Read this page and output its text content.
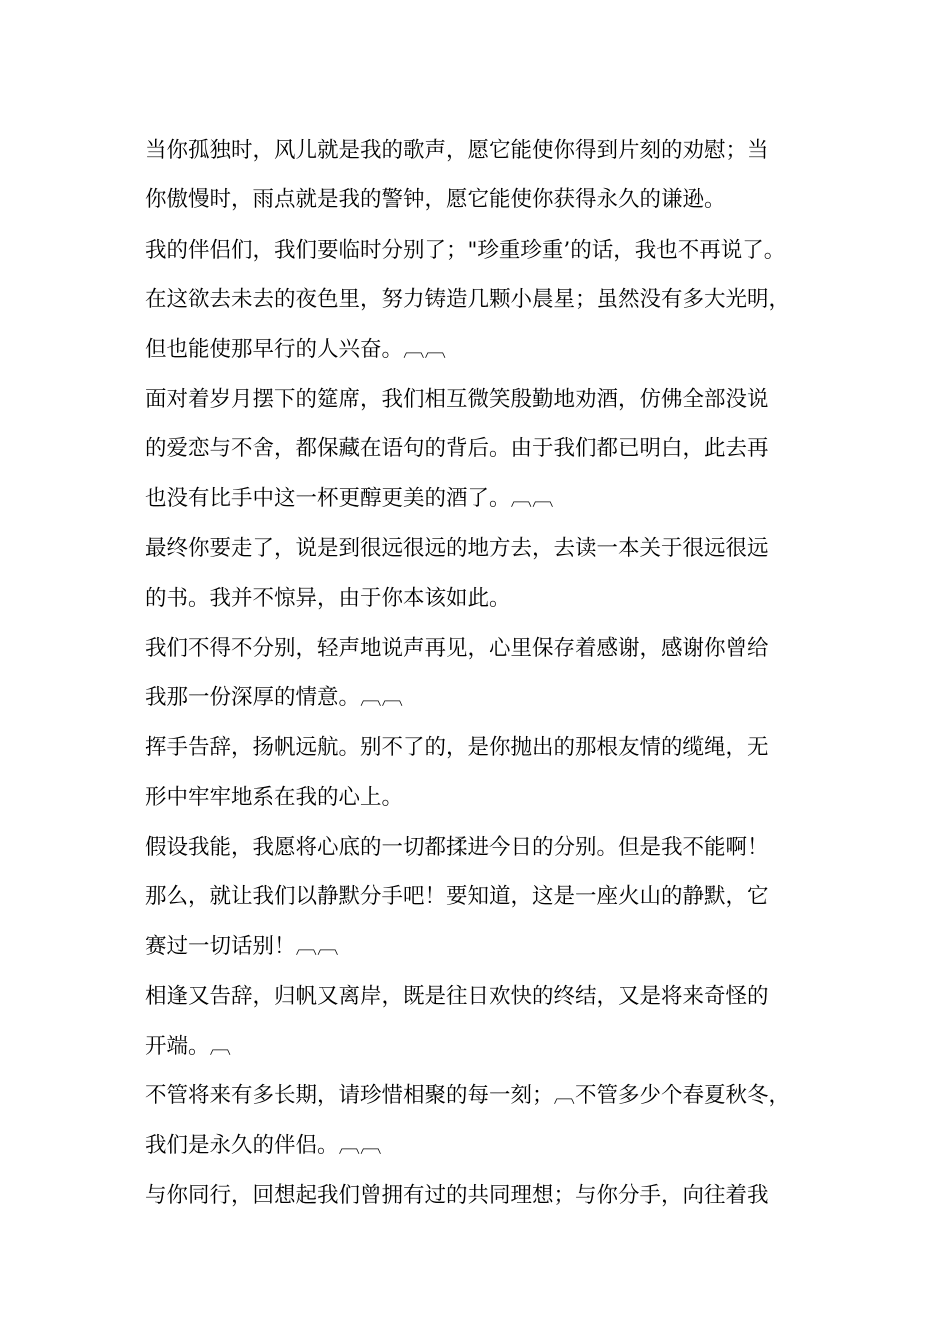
当你孤独时，风儿就是我的歌声，愿它能使你得到片刻的劝慰；当
你傲慢时，雨点就是我的警钟，愿它能使你获得永久的谦逊。
我的伴侣们，我们要临时分别了；"珍重珍重’的话，我也不再说了。
在这欲去未去的夜色里，努力铸造几颗小晨星；虽然没有多大光明，
但也能使那早行的人兴奋。︹︹
面对着岁月摆下的筵席，我们相互微笑殷勤地劝酒，仿佛全部没说
的爱恋与不舍，都保藏在语句的背后。由于我们都已明白，此去再
也没有比手中这一杯更醇更美的酒了。︹︹
最终你要走了，说是到很远很远的地方去，去读一本关于很远很远
的书。我并不惊异，由于你本该如此。
我们不得不分别，轻声地说声再见，心里保存着感谢，感谢你曾给
我那一份深厚的情意。︹︹
挥手告辞，扬帆远航。别不了的，是你抛出的那根友情的缆绳，无
形中牢牢地系在我的心上。
假设我能，我愿将心底的一切都揉进今日的分别。但是我不能啊！
那么，就让我们以静默分手吧！要知道，这是一座火山的静默，它
赛过一切话别！︹︹
相逢又告辞，归帆又离岸，既是往日欢快的终结，又是将来奇怪的
开端。︹
不管将来有多长期，请珍惜相聚的每一刻；︹不管多少个春夏秋冬，
我们是永久的伴侣。︹︹
与你同行，回想起我们曾拥有过的共同理想；与你分手，向往着我
